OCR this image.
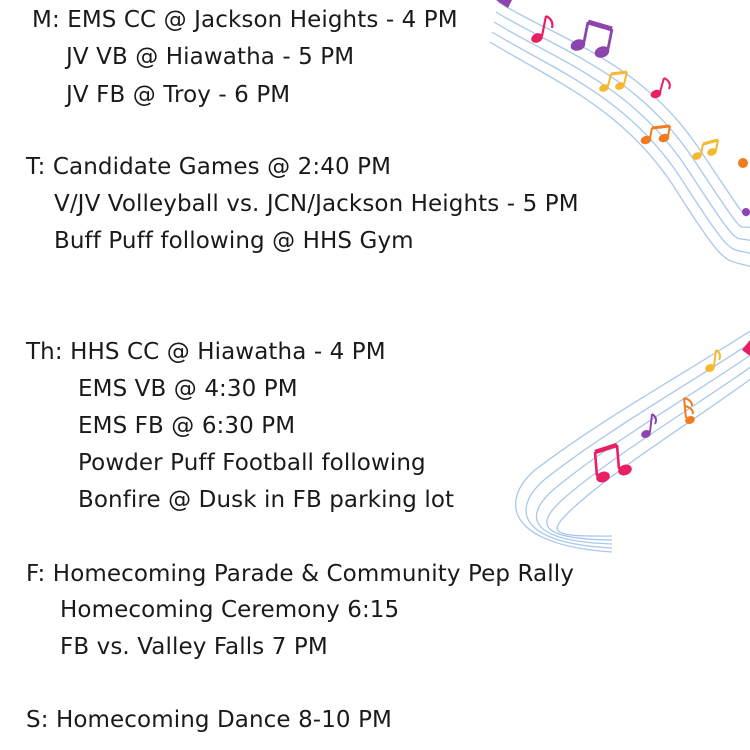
M: EMS CC @ Jackson Heights - 4 PM
JV VB @ Hiawatha - 5 PM
JV FB @ Troy - 6 PM
T: Candidate Games @ 2:40 PM
V/JV Volleyball vs. JCN/Jackson Heights - 5 PM
Buff Puff following @ HHS Gym
Th: HHS CC @ Hiawatha - 4 PM
EMS VB @ 4:30 PM
EMS FB @ 6:30 PM
Powder Puff Football following
Bonfire @ Dusk in FB parking lot
F: Homecoming Parade & Community Pep Rally
Homecoming Ceremony 6:15
FB vs. Valley Falls 7 PM
S: Homecoming Dance 8-10 PM
